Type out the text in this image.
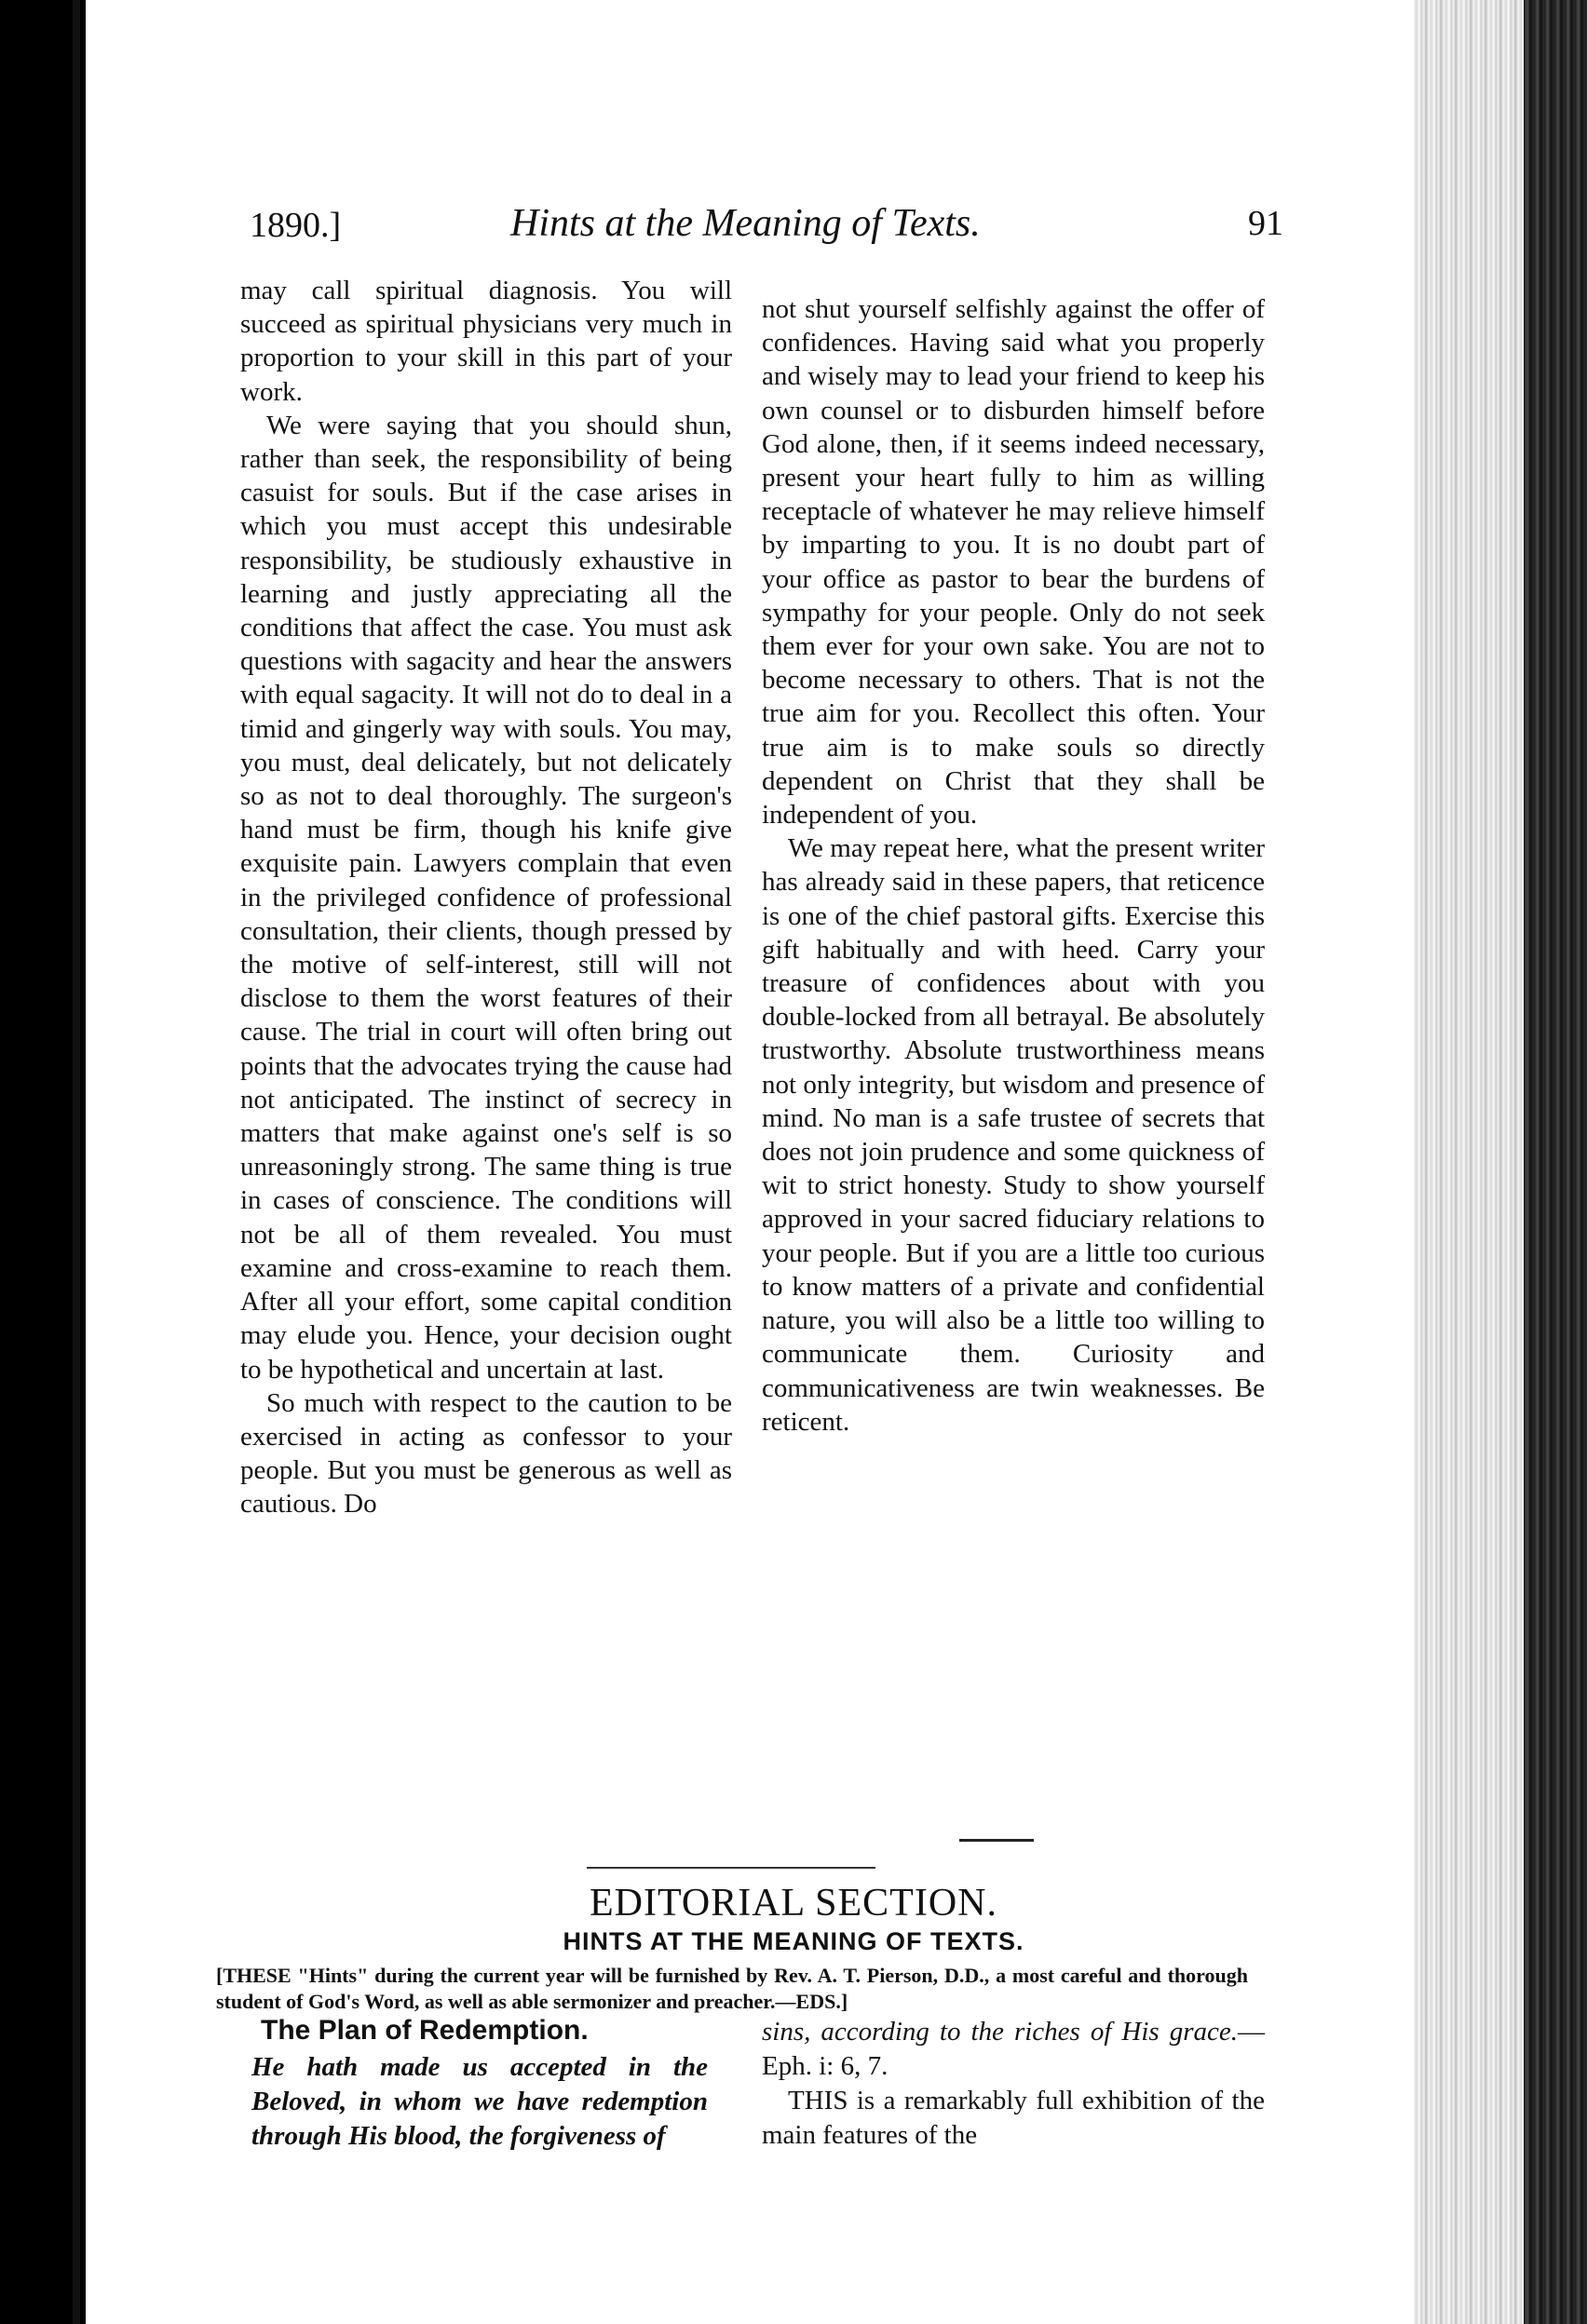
1890.]	Hints at the Meaning of Texts.	91

may call spiritual diagnosis. You will succeed as spiritual physicians very much in proportion to your skill in this part of your work.

We were saying that you should shun, rather than seek, the responsibility of being casuist for souls. But if the case arises in which you must accept this undesirable responsibility, be studiously exhaustive in learning and justly appreciating all the conditions that affect the case. You must ask questions with sagacity and hear the answers with equal sagacity. It will not do to deal in a timid and gingerly way with souls. You may, you must, deal delicately, but not delicately so as not to deal thoroughly. The surgeon's hand must be firm, though his knife give exquisite pain. Lawyers complain that even in the privileged confidence of professional consultation, their clients, though pressed by the motive of self-interest, still will not disclose to them the worst features of their cause. The trial in court will often bring out points that the advocates trying the cause had not anticipated. The instinct of secrecy in matters that make against one's self is so unreasoningly strong. The same thing is true in cases of conscience. The conditions will not be all of them revealed. You must examine and cross-examine to reach them. After all your effort, some capital condition may elude you. Hence, your decision ought to be hypothetical and uncertain at last.

So much with respect to the caution to be exercised in acting as confessor to your people. But you must be generous as well as cautious. Do

not shut yourself selfishly against the offer of confidences. Having said what you properly and wisely may to lead your friend to keep his own counsel or to disburden himself before God alone, then, if it seems indeed necessary, present your heart fully to him as willing receptacle of whatever he may relieve himself by imparting to you. It is no doubt part of your office as pastor to bear the burdens of sympathy for your people. Only do not seek them ever for your own sake. You are not to become necessary to others. That is not the true aim for you. Recollect this often. Your true aim is to make souls so directly dependent on Christ that they shall be independent of you.

We may repeat here, what the present writer has already said in these papers, that reticence is one of the chief pastoral gifts. Exercise this gift habitually and with heed. Carry your treasure of confidences about with you double-locked from all betrayal. Be absolutely trustworthy. Absolute trustworthiness means not only integrity, but wisdom and presence of mind. No man is a safe trustee of secrets that does not join prudence and some quickness of wit to strict honesty. Study to show yourself approved in your sacred fiduciary relations to your people. But if you are a little too curious to know matters of a private and confidential nature, you will also be a little too willing to communicate them. Curiosity and communicativeness are twin weaknesses. Be reticent.

EDITORIAL SECTION.
HINTS AT THE MEANING OF TEXTS.
[THESE "Hints" during the current year will be furnished by Rev. A. T. Pierson, D.D., a most careful and thorough student of God's Word, as well as able sermonizer and preacher.—EDS.]
The Plan of Redemption.
He hath made us accepted in the Beloved, in whom we have redemption through His blood, the forgiveness of
sins, according to the riches of His grace.—Eph. i: 6, 7.
THIS is a remarkably full exhibition of the main features of the
